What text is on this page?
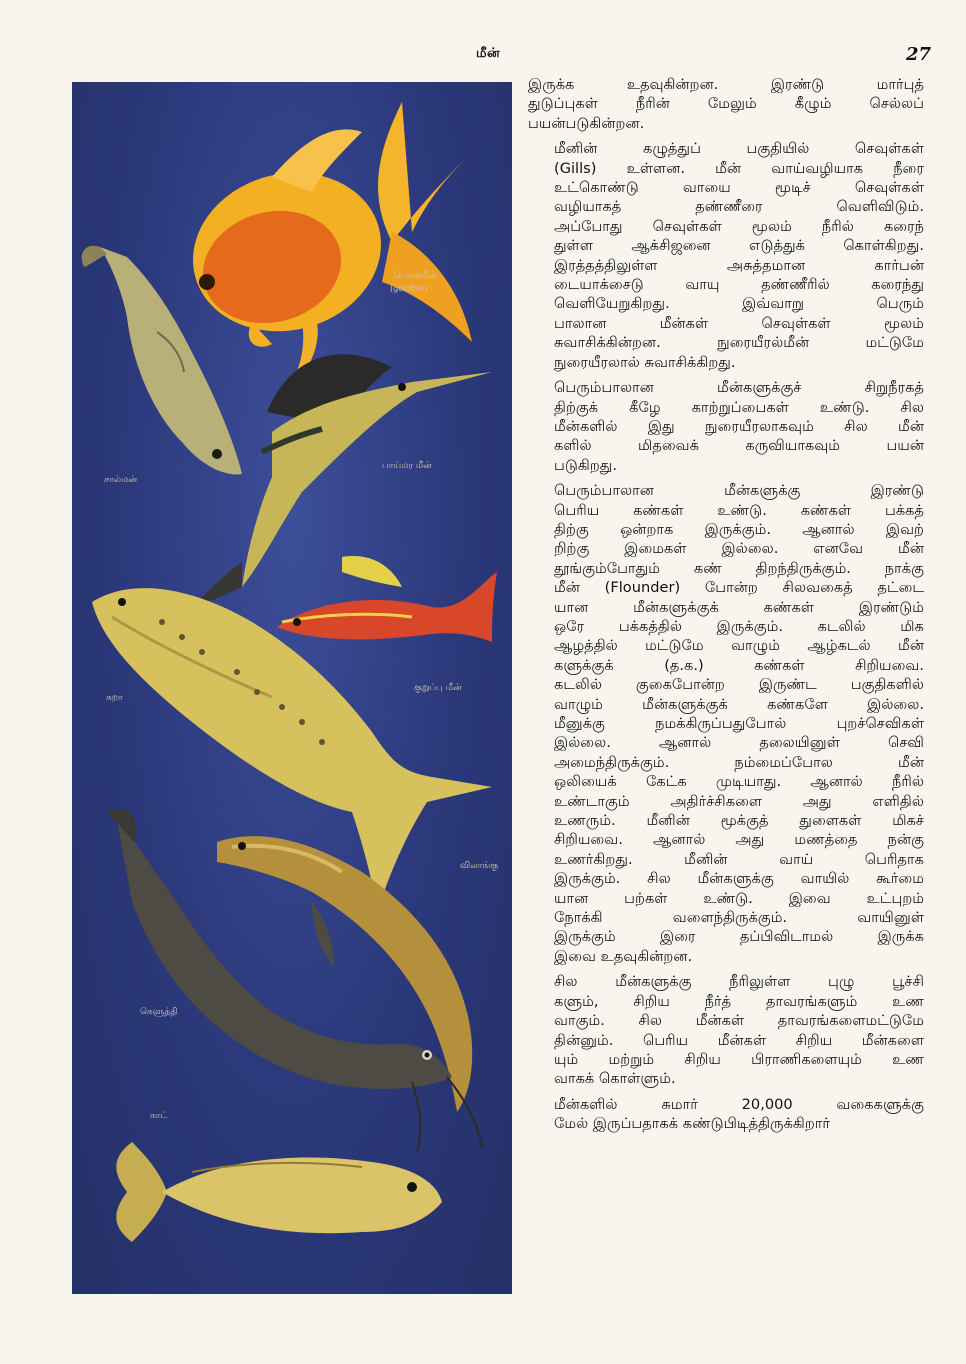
மீன்	27
பொன்மீன்
(goldfish)
சால்மன்
பாய்மர மீன்
குறுப்பு மீன்
சுறா
விலாங்கு
கெளுத்தி
காட்

இருக்க உதவுகின்றன. இரண்டு மார்புத்
துடுப்புகள் நீரின் மேலும் கீழும் செல்லப்
பயன்படுகின்றன.

மீனின் கழுத்துப் பகுதியில் செவுள்கள்
(Gills) உள்ளன. மீன் வாய்வழியாக நீரை
உட்கொண்டு வாயை மூடிச் செவுள்கள்
வழியாகத் தண்ணீரை வெளிவிடும்.
அப்போது செவுள்கள் மூலம் நீரில் கரைந்
துள்ள ஆக்சிஜனை எடுத்துக் கொள்கிறது.
இரத்தத்திலுள்ள அசுத்தமான கார்பன்
டையாக்சைடு வாயு தண்ணீரில் கரைந்து
வெளியேறுகிறது. இவ்வாறு பெரும்
பாலான மீன்கள் செவுள்கள் மூலம்
சுவாசிக்கின்றன. நுரையீரல்மீன் மட்டுமே
நுரையீரலால் சுவாசிக்கிறது.

பெரும்பாலான மீன்களுக்குச் சிறுநீரகத்
திற்குக் கீழே காற்றுப்பைகள் உண்டு. சில
மீன்களில் இது நுரையீரலாகவும் சில மீன்
களில் மிதவைக் கருவியாகவும் பயன்
படுகிறது.

பெரும்பாலான மீன்களுக்கு இரண்டு
பெரிய கண்கள் உண்டு. கண்கள் பக்கத்
திற்கு ஒன்றாக இருக்கும். ஆனால் இவற்
றிற்கு இமைகள் இல்லை. எனவே மீன்
தூங்கும்போதும் கண் திறந்திருக்கும். நாக்கு
மீன் (Flounder) போன்ற சிலவகைத் தட்டை
யான மீன்களுக்குக் கண்கள் இரண்டும்
ஒரே பக்கத்தில் இருக்கும். கடலில் மிக
ஆழத்தில் மட்டுமே வாழும் ஆழ்கடல் மீன்
களுக்குக் (த.க.) கண்கள் சிறியவை.
கடலில் குகைபோன்ற இருண்ட பகுதிகளில்
வாழும் மீன்களுக்குக் கண்களே இல்லை.
மீனுக்கு நமக்கிருப்பதுபோல் புறச்செவிகள்
இல்லை. ஆனால் தலையினுள் செவி
அமைந்திருக்கும். நம்மைப்போல மீன்
ஒலியைக் கேட்க முடியாது. ஆனால் நீரில்
உண்டாகும் அதிர்ச்சிகளை அது எளிதில்
உணரும். மீனின் மூக்குத் துளைகள் மிகச்
சிறியவை. ஆனால் அது மணத்தை நன்கு
உணர்கிறது. மீனின் வாய் பெரிதாக
இருக்கும். சில மீன்களுக்கு வாயில் கூர்மை
யான பற்கள் உண்டு. இவை உட்புறம்
நோக்கி வளைந்திருக்கும். வாயினுள்
இருக்கும் இரை தப்பிவிடாமல் இருக்க
இவை உதவுகின்றன.

சில மீன்களுக்கு நீரிலுள்ள புழு பூச்சி
களும், சிறிய நீர்த் தாவரங்களும் உண
வாகும். சில மீன்கள் தாவரங்களைமட்டுமே
தின்னும். பெரிய மீன்கள் சிறிய மீன்களை
யும் மற்றும் சிறிய பிராணிகளையும் உண
வாகக் கொள்ளும்.

மீன்களில் சுமார் 20,000 வகைகளுக்கு
மேல் இருப்பதாகக் கண்டுபிடித்திருக்கிறார்
